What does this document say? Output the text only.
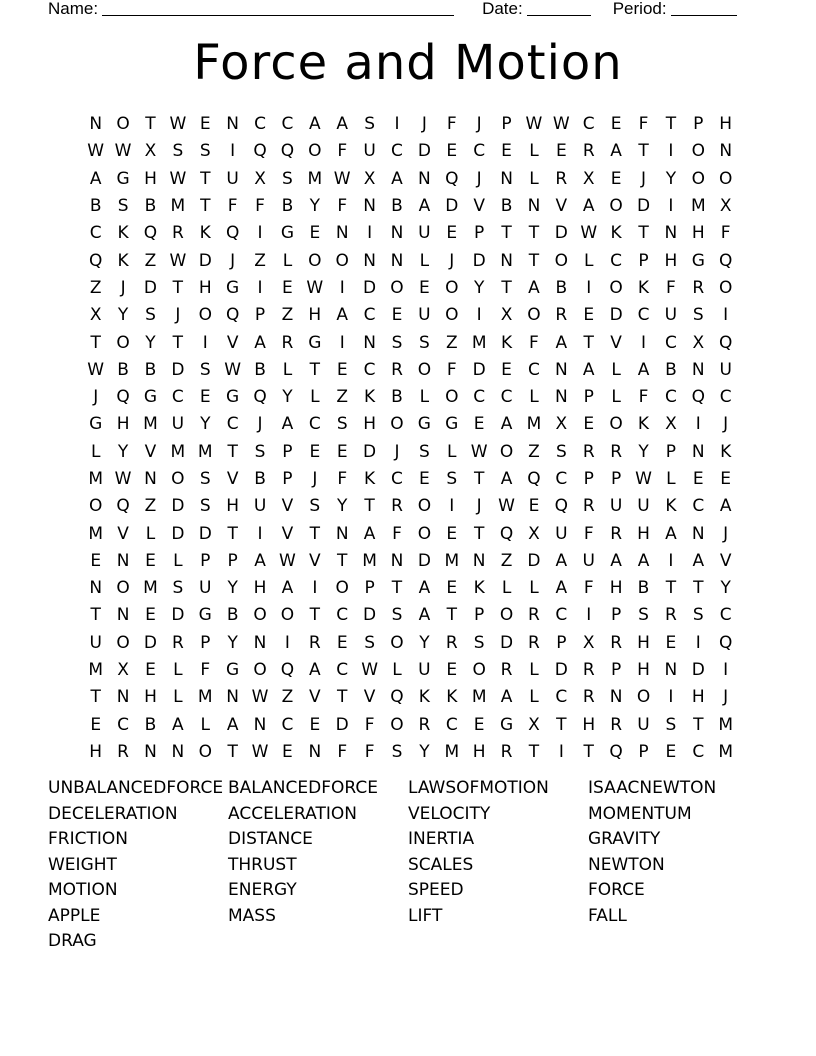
Name:	Date:	Period:
Force and Motion
N O T W E N C C A A S	I	J	F	J	P W W C E	F	T	P H
W W X S S	I	Q Q O F U C D E C E	L	E R A T	I	O N
A G H W T U X S M W X A N Q	J	N L R X E	J	Y O O
B S B M T	F	F B Y	F N B A D V B N V A O D	I	M X
C K Q R K Q	I	G E N	I	N U E P	T	T D W K T N H F
Q K Z W D	J	Z L O O N N L	J	D N T O L C P H G Q
Z	J	D T H G	I	E W I	D O E O Y	T A B	I	O K F R O
X Y S	J	O Q P Z H A C E U O	I	X O R E D C U S	I
T O Y	T	I	V A R G	I	N S S Z M K F A T V	I	C X Q
W B B D S W B L	T E C R O F D E C N A L A B N U
J	Q G C E G Q Y	L Z K B L O C C L N P	L	F C Q C
G H M U Y C	J	A C S H O G G E A M X E O K X	I	J
L	Y V M M T S P E E D	J	S	L W O Z S R R Y	P N K
M W N O S V B P	J	F K C E S T A Q C P	P W L	E E
O Q Z D S H U V S Y	T R O	I	J W E Q R U U K C A
M V L D D T	I	V T N A F O E T Q X U F R H A N	J
E N E	L	P	P A W V T M N D M N Z D A U A A	I	A V
N O M S U Y H A	I	O P	T A E K	L	L A F H B T	T	Y
T N E D G B O O T C D S A T	P O R C	I	P S R S C
U O D R P	Y N	I	R E S O Y R S D R P X R H E	I	Q
M X E	L	F G O Q A C W L U E O R L D R P H N D	I
T N H L M N W Z V T V Q K K M A L C R N O	I	H	J
E C B A L A N C E D F O R C E G X T H R U S T M
H R N N O T W E N F	F	S Y M H R T	I	T Q P E C M
UNBALANCEDFORCE BALANCEDFORCE	LAWSOFMOTION	ISAACNEWTON
DECELERATION	ACCELERATION	VELOCITY	MOMENTUM
FRICTION	DISTANCE	INERTIA	GRAVITY
WEIGHT	THRUST	SCALES	NEWTON
MOTION	ENERGY	SPEED	FORCE
APPLE	MASS	LIFT	FALL
DRAG
